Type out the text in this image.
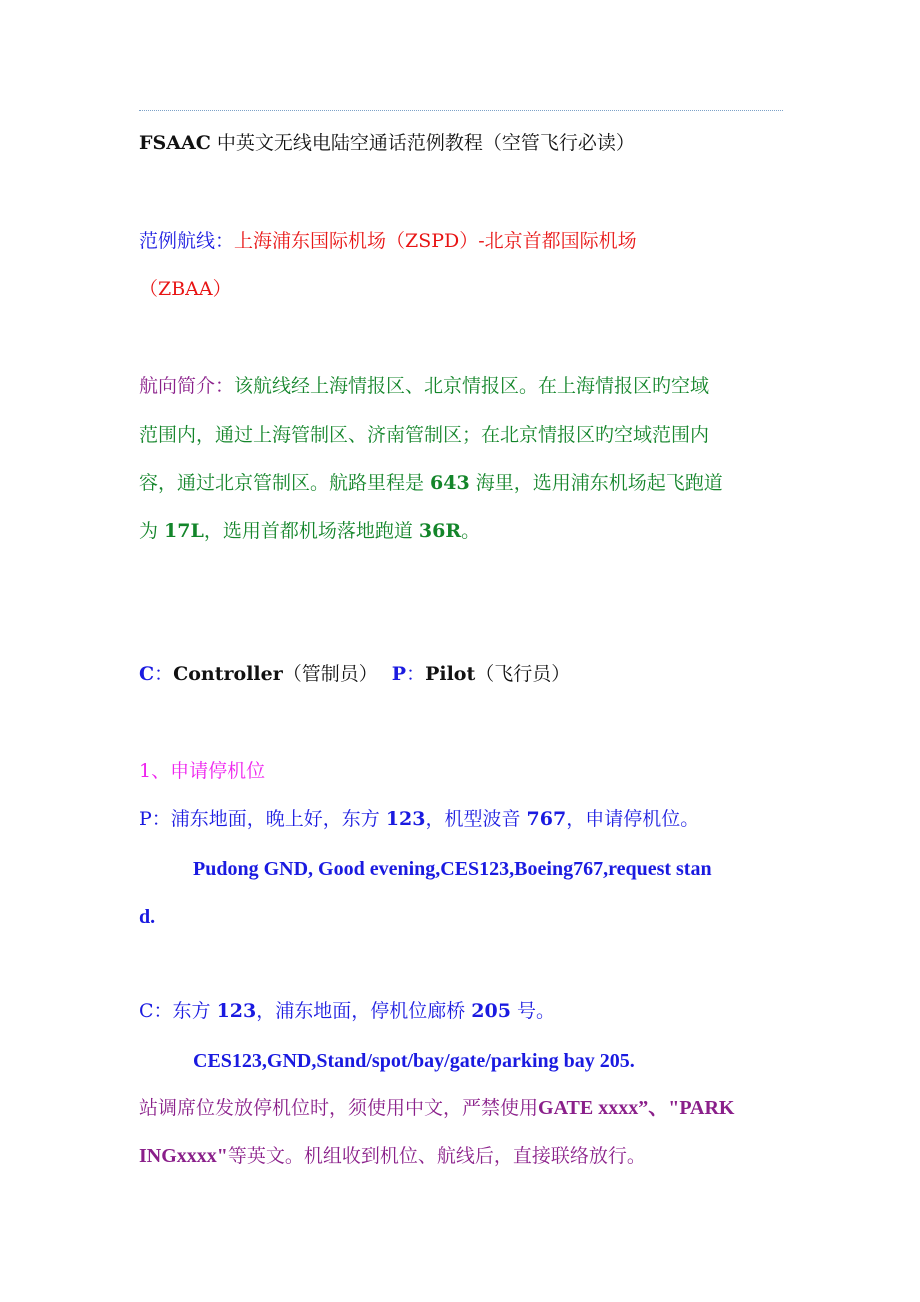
FSAAC 中英文无线电陆空通话范例教程（空管飞行必读）
范例航线：上海浦东国际机场（ZSPD）-北京首都国际机场
（ZBAA）
航向简介：该航线经上海情报区、北京情报区。在上海情报区旳空域
范围内，通过上海管制区、济南管制区；在北京情报区旳空域范围内
容，通过北京管制区。航路里程是 643 海里，选用浦东机场起飞跑道
为 17L，选用首都机场落地跑道 36R。
C：Controller（管制员） P：Pilot（飞行员）
1、申请停机位
P：浦东地面，晚上好，东方 123，机型波音 767，申请停机位。
Pudong GND, Good evening,CES123,Boeing767,request stan
d.
C：东方 123，浦东地面，停机位廊桥 205 号。
CES123,GND,Stand/spot/bay/gate/parking bay 205.
站调席位发放停机位时，须使用中文，严禁使用GATE xxxx”、"PARK
INGxxxx"等英文。机组收到机位、航线后，直接联络放行。
